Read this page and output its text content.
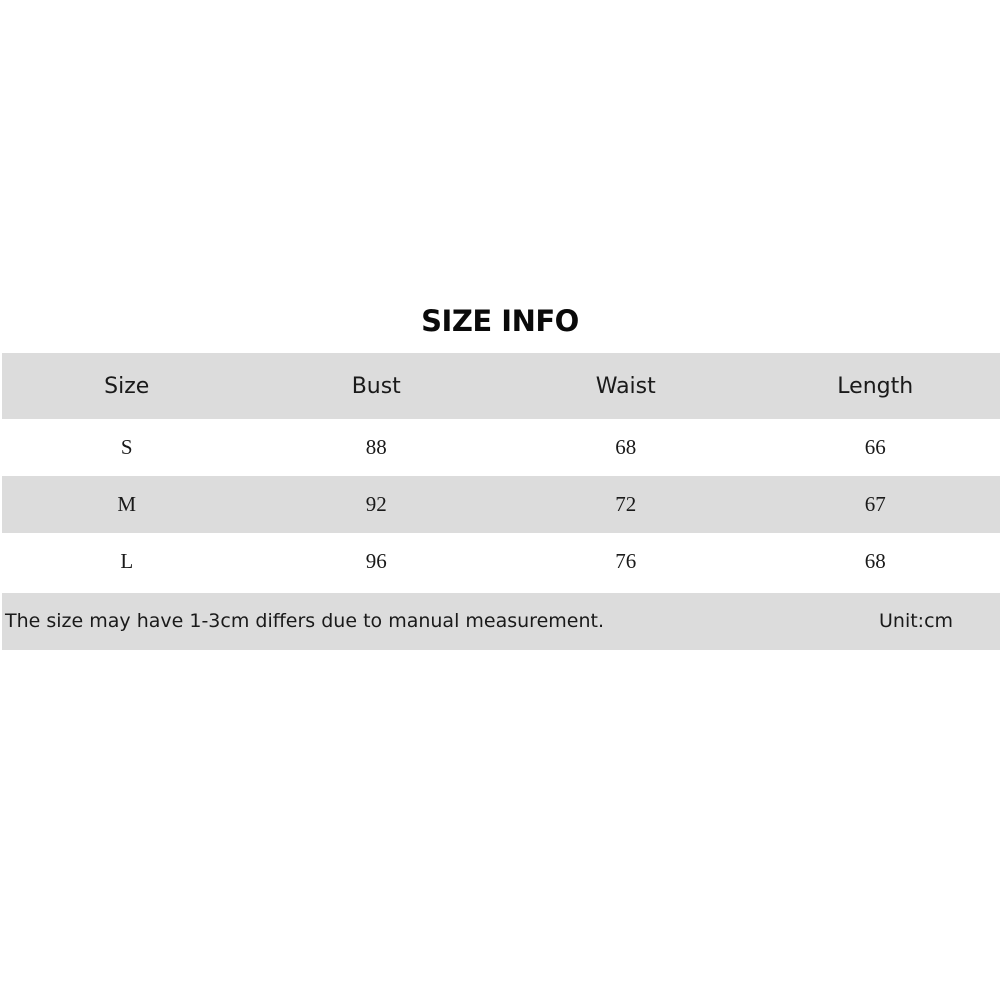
SIZE INFO
Size	Bust	Waist	Length
S	88	68	66
M	92	72	67
L	96	76	68
The size may have 1-3cm differs due to manual measurement.	Unit:cm
